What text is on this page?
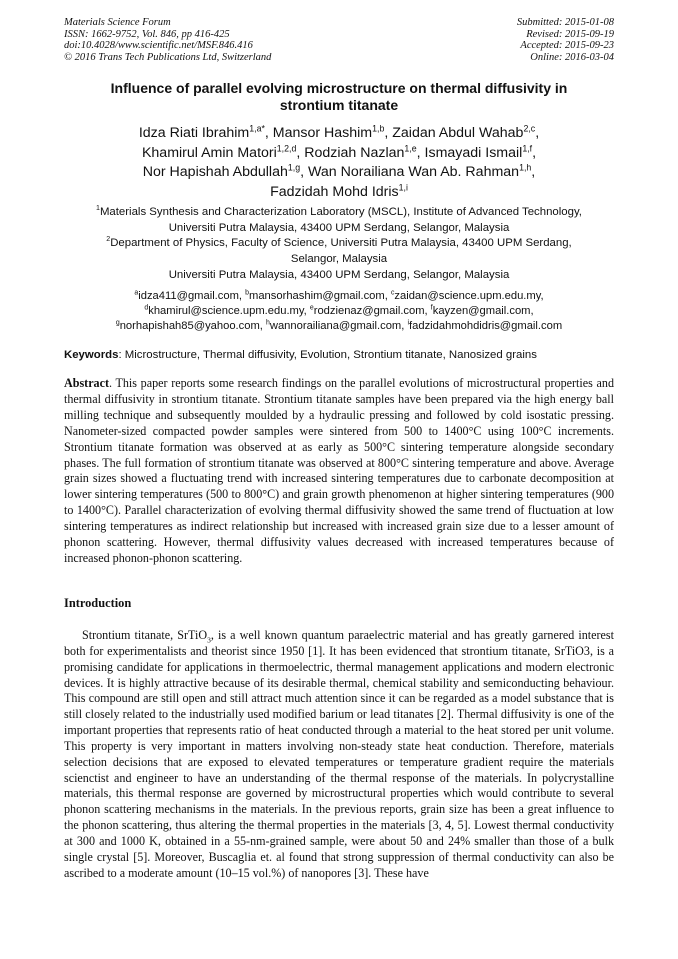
Materials Science Forum
ISSN: 1662-9752, Vol. 846, pp 416-425
doi:10.4028/www.scientific.net/MSF.846.416
© 2016 Trans Tech Publications Ltd, Switzerland
Submitted: 2015-01-08
Revised: 2015-09-19
Accepted: 2015-09-23
Online: 2016-03-04
Influence of parallel evolving microstructure on thermal diffusivity in
strontium titanate
Idza Riati Ibrahim$^{1,a*}$, Mansor Hashim$^{1,b}$, Zaidan Abdul Wahab$^{2,c}$,
Khamirul Amin Matori$^{1,2,d}$, Rodziah Nazlan$^{1,e}$, Ismayadi Ismail$^{1,f}$,
Nor Hapishah Abdullah$^{1,g}$, Wan Norailiana Wan Ab. Rahman$^{1,h}$,
Fadzidah Mohd Idris$^{1,i}$
$^1$Materials Synthesis and Characterization Laboratory (MSCL), Institute of Advanced Technology,
Universiti Putra Malaysia, 43400 UPM Serdang, Selangor, Malaysia
$^2$Department of Physics, Faculty of Science, Universiti Putra Malaysia, 43400 UPM Serdang,
Selangor, Malaysia
Universiti Putra Malaysia, 43400 UPM Serdang, Selangor, Malaysia
$^a$idza411@gmail.com, $^b$mansorhashim@gmail.com, $^c$zaidan@science.upm.edu.my,
$^d$khamirul@science.upm.edu.my, $^e$rodzienaz@gmail.com, $^f$kayzen@gmail.com,
$^g$norhapishah85@yahoo.com, $^h$wannorailiana@gmail.com, $^i$fadzidahmohdidris@gmail.com
Keywords: Microstructure, Thermal diffusivity, Evolution, Strontium titanate, Nanosized grains
Abstract. This paper reports some research findings on the parallel evolutions of microstructural properties and thermal diffusivity in strontium titanate. Strontium titanate samples have been prepared via the high energy ball milling technique and subsequently moulded by a hydraulic pressing and followed by cold isostatic pressing. Nanometer-sized compacted powder samples were sintered from 500 to 1400°C using 100°C increments. Strontium titanate formation was observed at as early as 500°C sintering temperature alongside secondary phases. The full formation of strontium titanate was observed at 800°C sintering temperature and above. Average grain sizes showed a fluctuating trend with increased sintering temperatures due to carbonate decomposition at lower sintering temperatures (500 to 800°C) and grain growth phenomenon at higher sintering temperatures (900 to 1400°C). Parallel characterization of evolving thermal diffusivity showed the same trend of fluctuation at low sintering temperatures as indirect relationship but increased with increased grain size due to a lesser amount of phonon scattering. However, thermal diffusivity values decreased with increased temperatures because of increased phonon-phonon scattering.
Introduction
Strontium titanate, SrTiO$_3$, is a well known quantum paraelectric material and has greatly garnered interest both for experimentalists and theorist since 1950 [1]. It has been evidenced that strontium titanate, SrTiO3, is a promising candidate for applications in thermoelectric, thermal management applications and modern electronic devices. It is highly attractive because of its desirable thermal, chemical stability and semiconducting behaviour. This compound are still open and still attract much attention since it can be regarded as a model substance that is still closely related to the industrially used modified barium or lead titanates [2]. Thermal diffusivity is one of the important properties that represents ratio of heat conducted through a material to the heat stored per unit volume. This property is very important in matters involving non-steady state heat conduction. Therefore, materials selection decisions that are exposed to elevated temperatures or temperature gradient require the materials scienctist and engineer to have an understanding of the thermal response of the materials. In polycrystalline materials, this thermal response are governed by microstructural properties which would contribute to several phonon scattering mechanisms in the materials. In the previous reports, grain size has been a great influence to the phonon scattering, thus altering the thermal properties in the materials [3, 4, 5]. Lowest thermal conductivity at 300 and 1000 K, obtained in a 55-nm-grained sample, were about 50 and 24% smaller than those of a bulk single crystal [5]. Moreover, Buscaglia et. al found that strong suppression of thermal conductivity can also be ascribed to a moderate amount (10–15 vol.%) of nanopores [3]. These have
